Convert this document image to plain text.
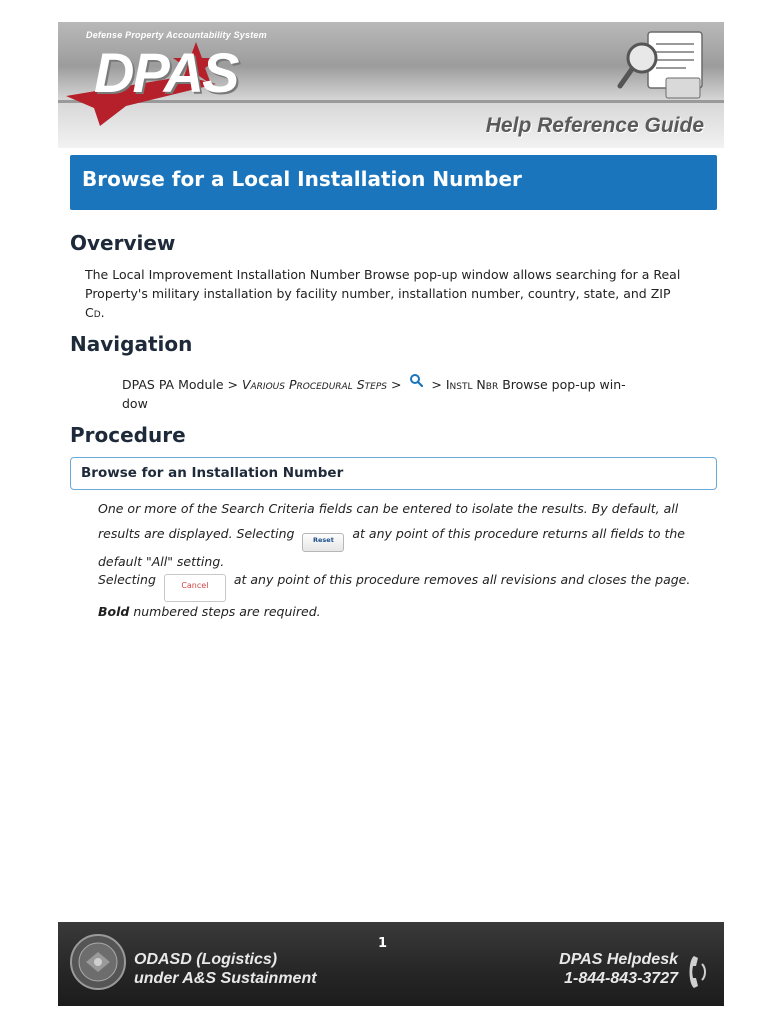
DPAS
Defense Property Accountability System
Help Reference Guide
Browse for a Local Installation Number
Overview

The Local Improvement Installation Number Browse pop-up window allows searching for a Real
Property's military installation by facility number, installation number, country, state, and ZIP
Cd.

Navigation

DPAS PA Module > Various Procedural Steps >  > Instl Nbr Browse pop-up win-
dow

Procedure
Browse for an Installation Number

One or more of the Search Criteria fields can be entered to isolate the results. By default, all
results are displayed. Selecting Reset at any point of this procedure returns all fields to the
default "All" setting.

Selecting	Cancel at any point of this procedure removes all revisions and closes the page.
Bold numbered steps are required.

1
ODASD (Logistics)
under A&S Sustainment
DPAS Helpdesk
1-844-843-3727
